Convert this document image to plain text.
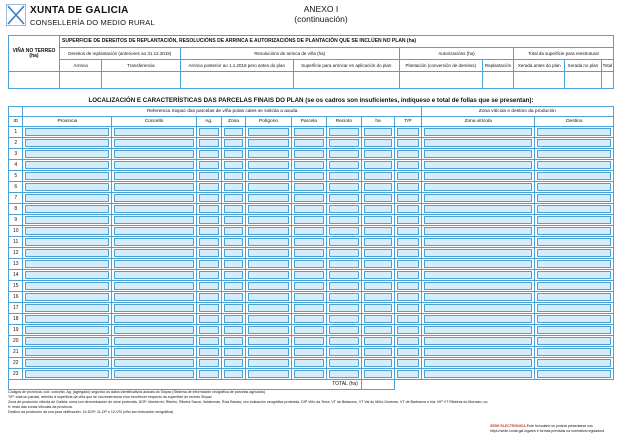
XUNTA DE GALICIA
CONSELLERÍA DO MEDIO RURAL
ANEXO I
(continuación)
VIÑA NO TERREO (ha)	SUPERFICIE DE DEREITOS DE REPLANTACIÓN, RESOLUCIÓNS DE ARRINCA E AUTORIZACIÓNS DE PLANTACIÓN QUE SE INCLÚEN NO PLAN (ha)								
	Dereitos de replantación (anteriores ao 31.12.2015)		Resolucións de arrinca de viña (ha)		Autorizacións (ha)		Total da superficie para reestruturar		
	Arrinca	Transferencia	Arrinca posterior ao 1.1.2016 pero antes do plan	Superficie para arrincar en aplicación do plan	Plantación (conversión de dereitos)	Replantación	Xerada antes do plan	Xerada no plan	Total

LOCALIZACIÓN E CARACTERÍSTICAS DAS PARCELAS FINAIS DO PLAN (se os cadros son insuficientes, indíqueso e total de follas que se presentan):
	Referencia Sixpac das parcelas de viña polas cales se solicita a axuda									Zona vitícola e destino da produción	
ID	Provincia	Concello	Ag.	Zona	Polígono	Parcela	Recinto	ha	T/P	Zona vitícola	Destino
1	

2	

3	

4	

5	

6	

7	

8	

9	

10	

11	

12	

13	

14	

15	

16	

17	

18	

19	

20	

21	

22	

23	

TOTAL (ha)											
Códigos de provincia, cód. concello, Ag. (agregado) segundo os datos identificativos actuais do Sixpac (Sistema de información xeográfica de parcelas agrícolas)
T/P: total ou parcial, referido á superficie da viña que se vai reestruturar e/ou recoñecer respecto da superficie do recinto Sixpac
Zona de produción vitícola de Galicia: zona con denominación de orixe protexida, DOP: Monterrei, Ribeiro, Ribeira Sacra, Valdeorras, Rías Baixas; con indicación xeográfica protexida, DIP Viño da Terra: VT de Betanzos, VT Val do Miño-Ourense, VT de Barbanza e Iria; IXP VT Ribeiras do Morrazo; ou ñ: resto das zonas vitícolas da provincia.
Destino da produción da uva para vinificación: 19-DOP, 11-DP e 12-VSI (viño sen indicación xeográfica)
SEDE ELECTRÓNICA Este formulario só poderá presentarse nos
https://sede.xunta.gal lugares e formas previstas na normativa reguladora
